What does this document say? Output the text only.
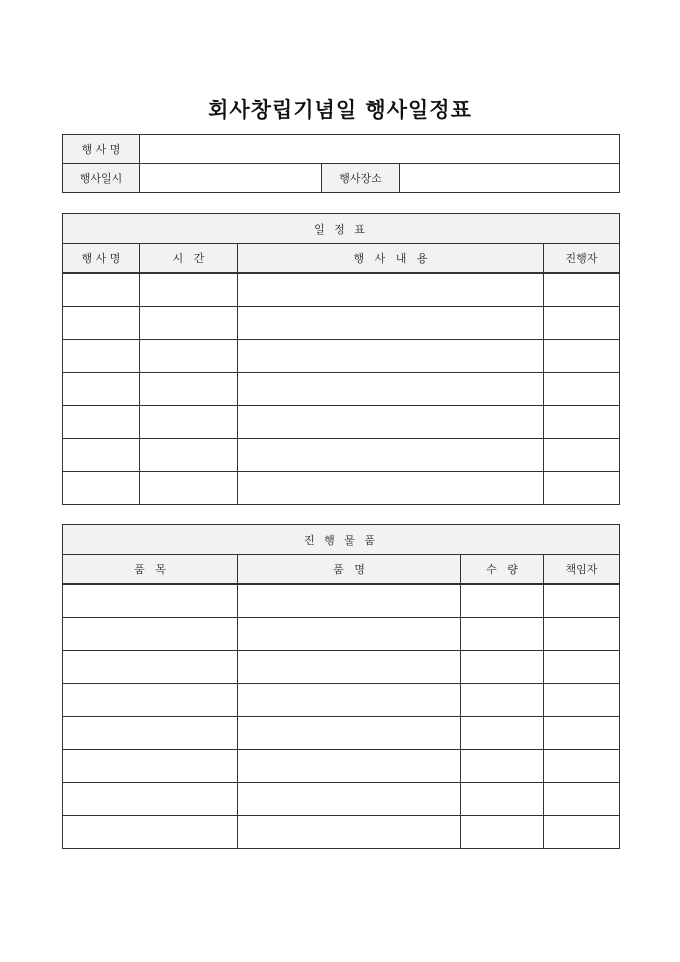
회사창립기념일 행사일정표
행 사 명			
행사일시		행사장소	
일 정 표			
행 사 명	시   간	행   사   내   용	진행자

진 행 물 품			
품   목	품   명	수   량	책임자
